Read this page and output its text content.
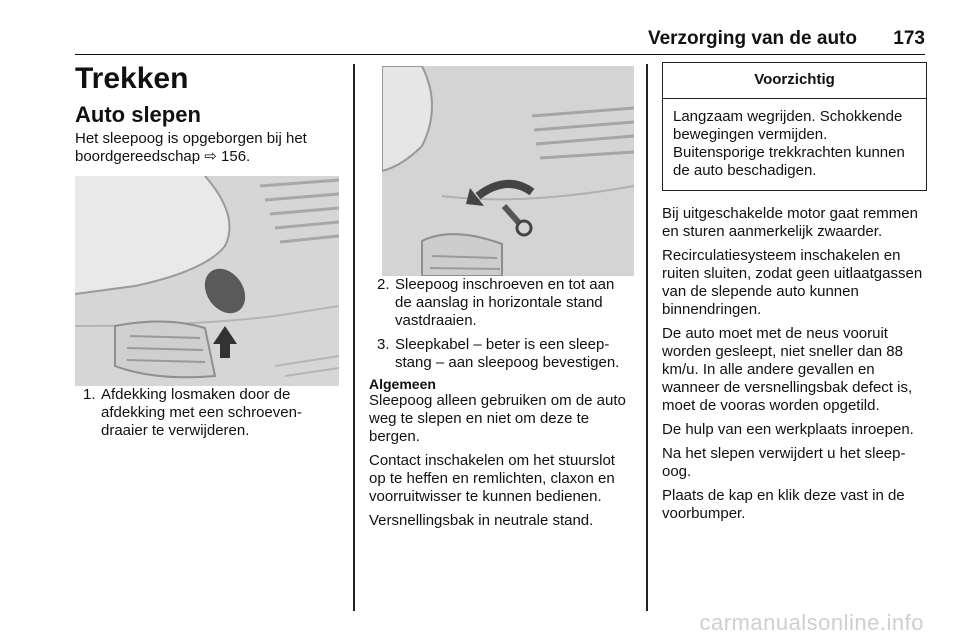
Verzorging van de auto 173
Trekken
Auto slepen

Het sleepoog is opgeborgen bij het boordgereedschap ⇨ 156.

1. Afdekking losmaken door de afdekking met een schroevendraaier te verwijderen.
2. Sleepoog inschroeven en tot aan de aanslag in horizontale stand vastdraaien.
3. Sleepkabel – beter is een sleepstang – aan sleepoog bevestigen.
Algemeen

Sleepoog alleen gebruiken om de auto weg te slepen en niet om deze te bergen.

Contact inschakelen om het stuurslot op te heffen en remlichten, claxon en voorruitwisser te kunnen bedienen.

Versnellingsbak in neutrale stand.

Voorzichtig
Langzaam wegrijden. Schokkende bewegingen vermijden. Buitensporige trekkrachten kunnen de auto beschadigen.

Bij uitgeschakelde motor gaat remmen en sturen aanmerkelijk zwaarder.

Recirculatiesysteem inschakelen en ruiten sluiten, zodat geen uitlaatgassen van de slepende auto kunnen binnendringen.

De auto moet met de neus vooruit worden gesleept, niet sneller dan 88 km/u. In alle andere gevallen en wanneer de versnellingsbak defect is, moet de vooras worden opgetild.

De hulp van een werkplaats inroepen.

Na het slepen verwijdert u het sleepoog.

Plaats de kap en klik deze vast in de voorbumper.

carmanualsonline.info
